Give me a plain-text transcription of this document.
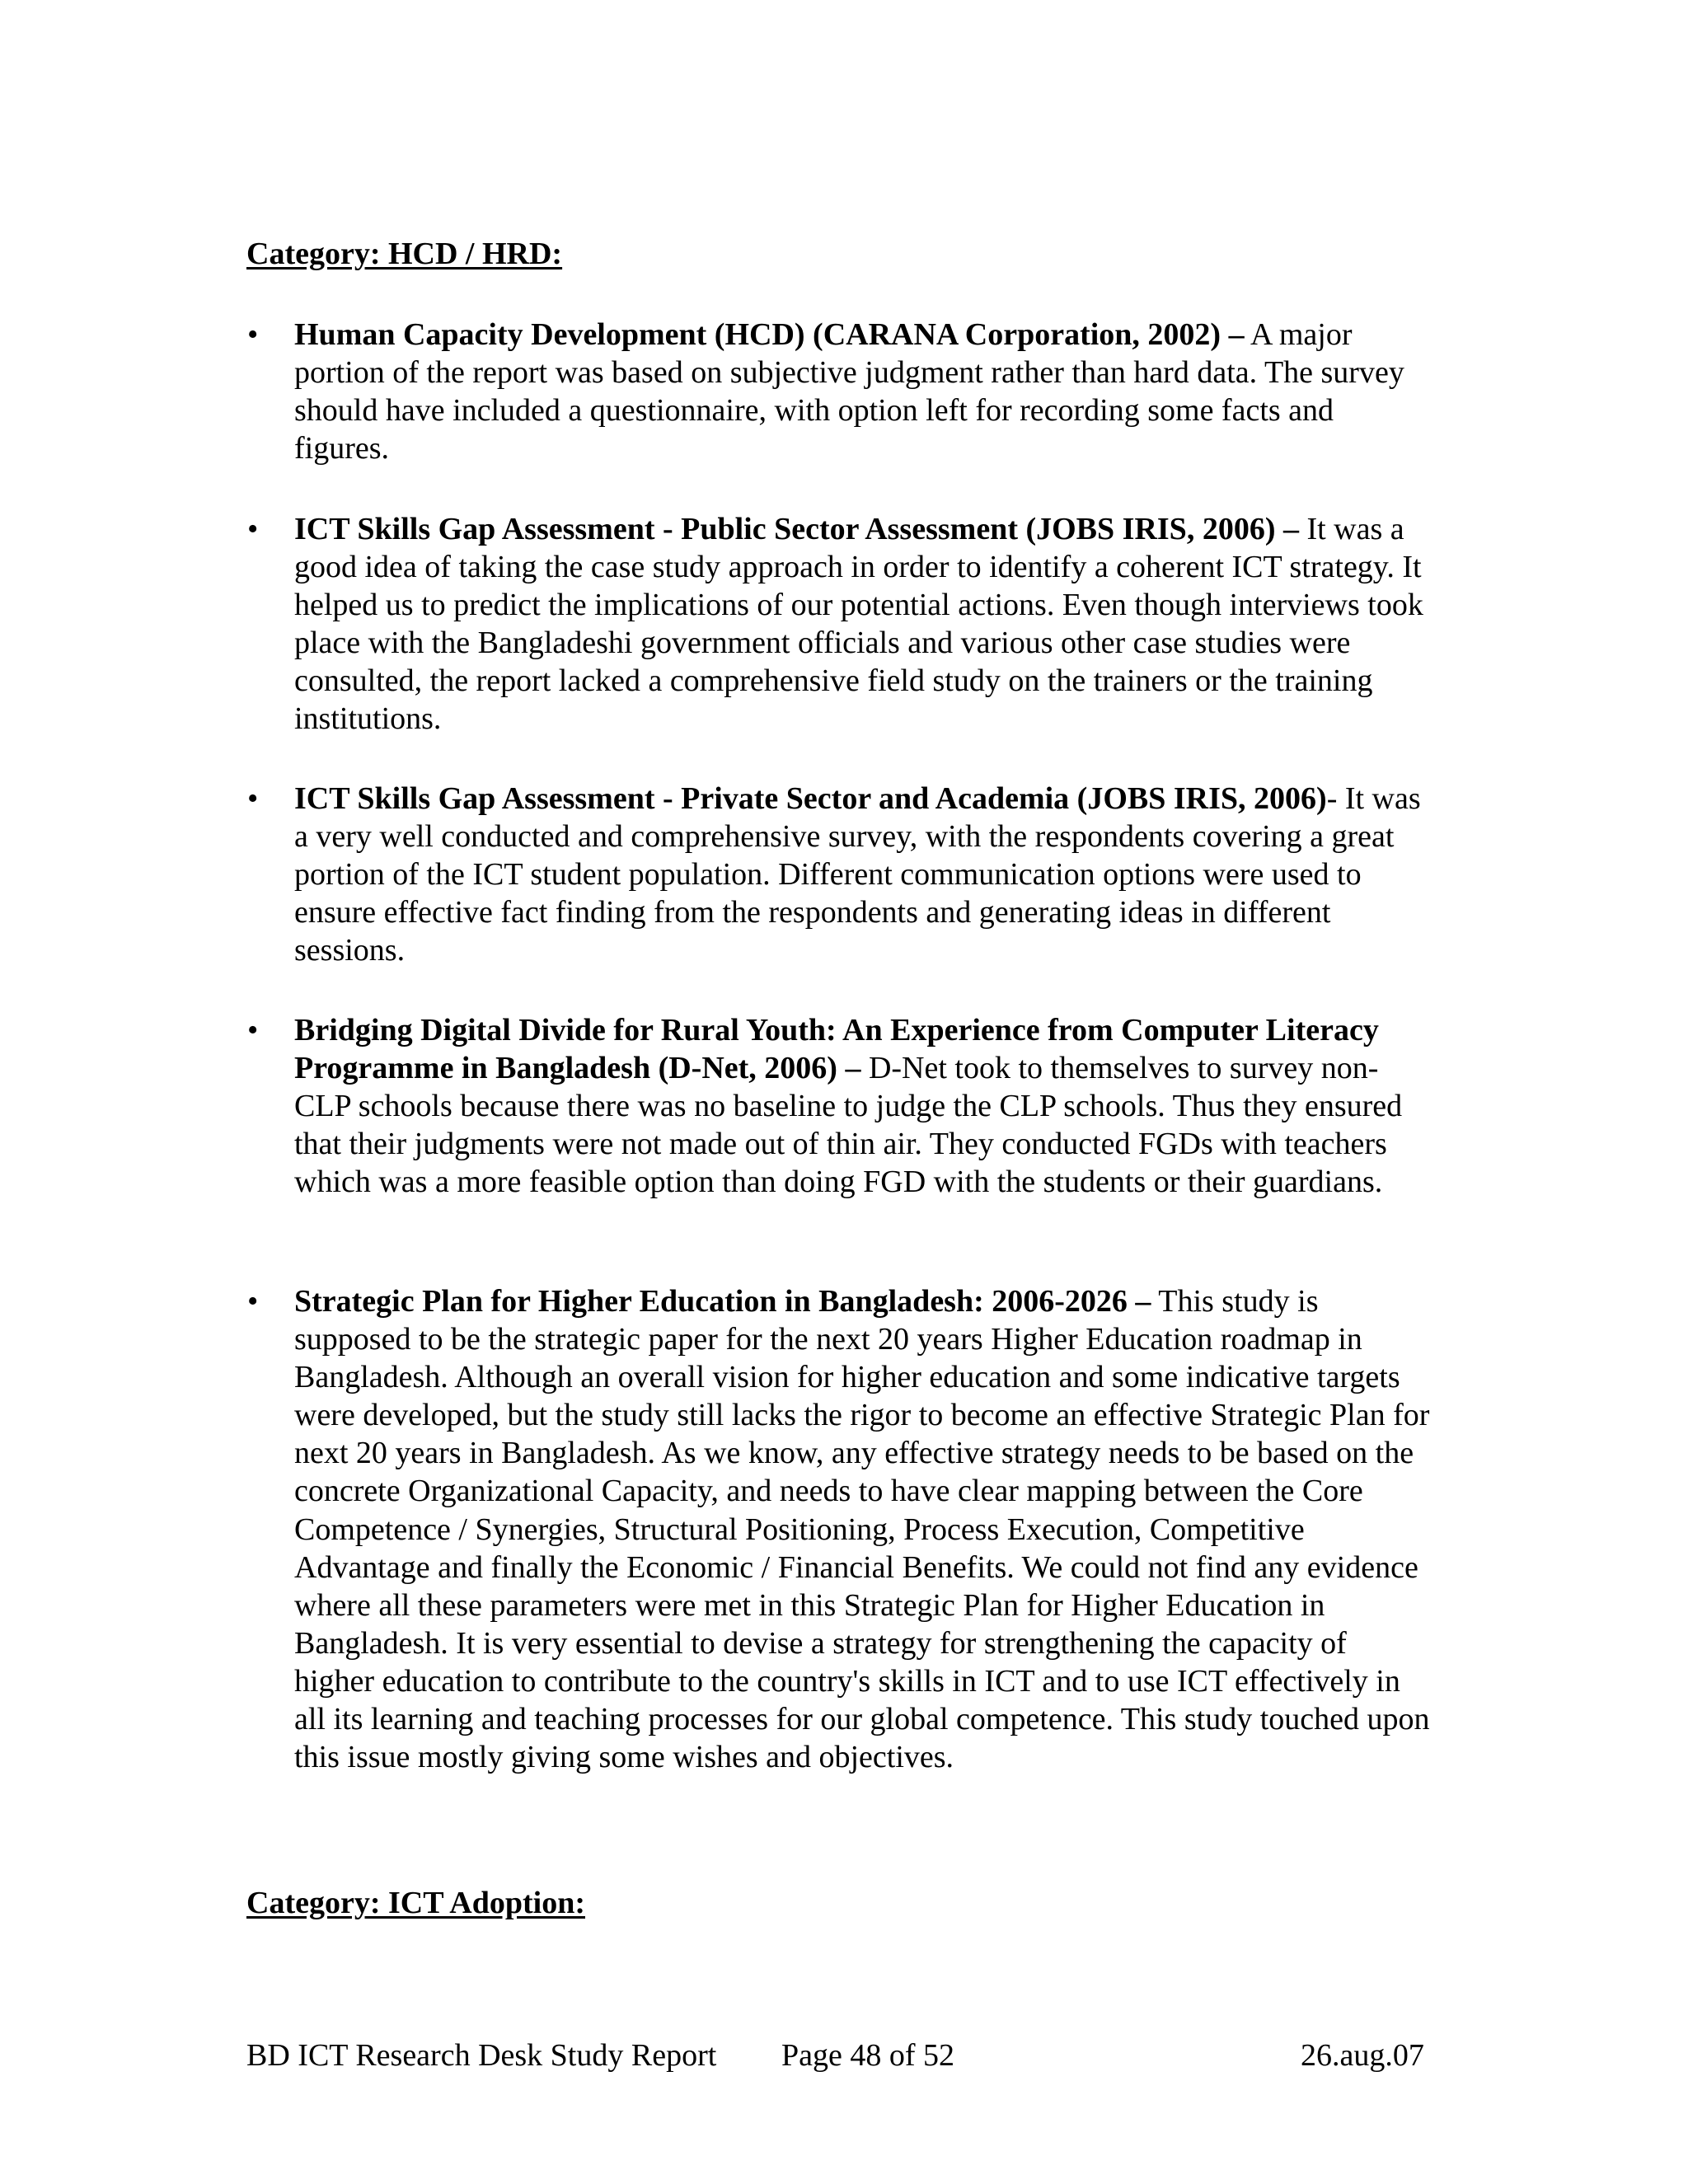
Category: HCD / HRD:
• Human Capacity Development (HCD) (CARANA Corporation, 2002) – A major portion of the report was based on subjective judgment rather than hard data. The survey should have included a questionnaire, with option left for recording some facts and figures.
• ICT Skills Gap Assessment - Public Sector Assessment (JOBS IRIS, 2006) – It was a good idea of taking the case study approach in order to identify a coherent ICT strategy. It helped us to predict the implications of our potential actions. Even though interviews took place with the Bangladeshi government officials and various other case studies were consulted, the report lacked a comprehensive field study on the trainers or the training institutions.
• ICT Skills Gap Assessment - Private Sector and Academia (JOBS IRIS, 2006)- It was a very well conducted and comprehensive survey, with the respondents covering a great portion of the ICT student population. Different communication options were used to ensure effective fact finding from the respondents and generating ideas in different sessions.
• Bridging Digital Divide for Rural Youth: An Experience from Computer Literacy Programme in Bangladesh (D-Net, 2006) – D-Net took to themselves to survey non-CLP schools because there was no baseline to judge the CLP schools. Thus they ensured that their judgments were not made out of thin air. They conducted FGDs with teachers which was a more feasible option than doing FGD with the students or their guardians.
• Strategic Plan for Higher Education in Bangladesh: 2006-2026 – This study is supposed to be the strategic paper for the next 20 years Higher Education roadmap in Bangladesh. Although an overall vision for higher education and some indicative targets were developed, but the study still lacks the rigor to become an effective Strategic Plan for next 20 years in Bangladesh. As we know, any effective strategy needs to be based on the concrete Organizational Capacity, and needs to have clear mapping between the Core Competence / Synergies, Structural Positioning, Process Execution, Competitive Advantage and finally the Economic / Financial Benefits. We could not find any evidence where all these parameters were met in this Strategic Plan for Higher Education in Bangladesh. It is very essential to devise a strategy for strengthening the capacity of higher education to contribute to the country's skills in ICT and to use ICT effectively in all its learning and teaching processes for our global competence. This study touched upon this issue mostly giving some wishes and objectives.
Category: ICT Adoption:
BD ICT Research Desk Study Report Page 48 of 52	26.aug.07
